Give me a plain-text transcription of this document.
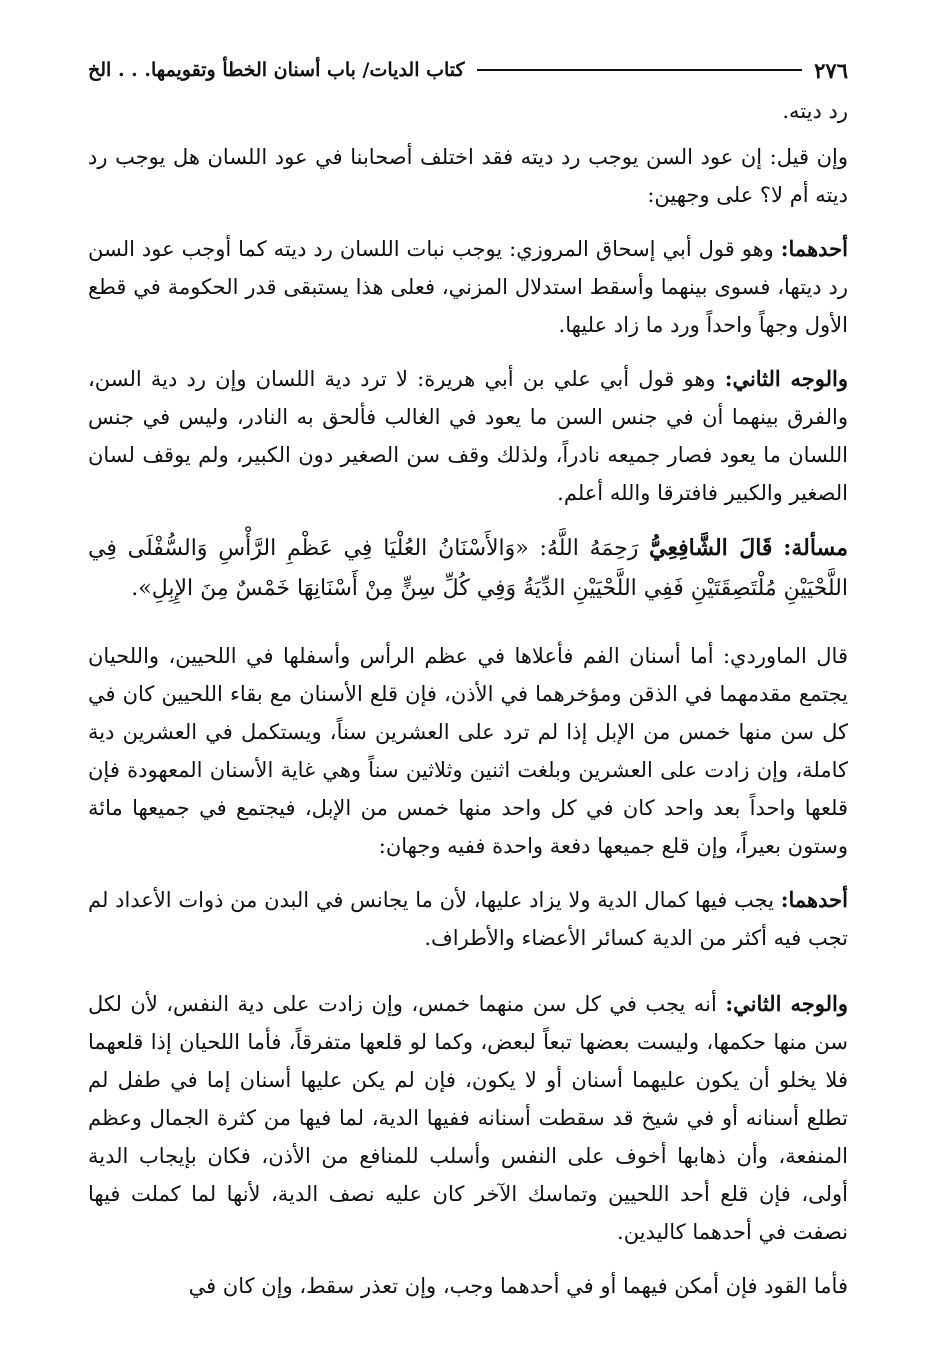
٢٧٦
كتاب الديات/ باب أسنان الخطأ وتقويمها. . . الخ

رد ديته.

وإن قيل: إن عود السن يوجب رد ديته فقد اختلف أصحابنا في عود اللسان هل يوجب رد ديته أم لا؟ على وجهين:

أحدهما: وهو قول أبي إسحاق المروزي: يوجب نبات اللسان رد ديته كما أوجب عود السن رد ديتها، فسوى بينهما وأسقط استدلال المزني، فعلى هذا يستبقى قدر الحكومة في قطع الأول وجهاً واحداً ورد ما زاد عليها.

والوجه الثاني: وهو قول أبي علي بن أبي هريرة: لا ترد دية اللسان وإن رد دية السن، والفرق بينهما أن في جنس السن ما يعود في الغالب فألحق به النادر، وليس في جنس اللسان ما يعود فصار جميعه نادراً، ولذلك وقف سن الصغير دون الكبير، ولم يوقف لسان الصغير والكبير فافترقا والله أعلم.

مسألة: قَالَ الشَّافِعِيُّ رَحِمَهُ اللَّهُ: «وَالأَسْنَانُ العُلْيَا فِي عَظْمِ الرَّأْسِ وَالسُّفْلَى فِي اللَّحْيَيْنِ مُلْتَصِقَتَيْنِ فَفِي اللَّحْيَيْنِ الدِّيَةُ وَفِي كُلِّ سِنٍّ مِنْ أَسْنَانِهَا خَمْسٌ مِنَ الإِبِلِ».

قال الماوردي: أما أسنان الفم فأعلاها في عظم الرأس وأسفلها في اللحيين، واللحيان يجتمع مقدمهما في الذقن ومؤخرهما في الأذن، فإن قلع الأسنان مع بقاء اللحيين كان في كل سن منها خمس من الإبل إذا لم ترد على العشرين سناً، ويستكمل في العشرين دية كاملة، وإن زادت على العشرين وبلغت اثنين وثلاثين سناً وهي غاية الأسنان المعهودة فإن قلعها واحداً بعد واحد كان في كل واحد منها خمس من الإبل، فيجتمع في جميعها مائة وستون بعيراً، وإن قلع جميعها دفعة واحدة ففيه وجهان:

أحدهما: يجب فيها كمال الدية ولا يزاد عليها، لأن ما يجانس في البدن من ذوات الأعداد لم تجب فيه أكثر من الدية كسائر الأعضاء والأطراف.

والوجه الثاني: أنه يجب في كل سن منهما خمس، وإن زادت على دية النفس، لأن لكل سن منها حكمها، وليست بعضها تبعاً لبعض، وكما لو قلعها متفرقاً، فأما اللحيان إذا قلعهما فلا يخلو أن يكون عليهما أسنان أو لا يكون، فإن لم يكن عليها أسنان إما في طفل لم تطلع أسنانه أو في شيخ قد سقطت أسنانه ففيها الدية، لما فيها من كثرة الجمال وعظم المنفعة، وأن ذهابها أخوف على النفس وأسلب للمنافع من الأذن، فكان بإيجاب الدية أولى، فإن قلع أحد اللحيين وتماسك الآخر كان عليه نصف الدية، لأنها لما كملت فيها نصفت في أحدهما كاليدين.

فأما القود فإن أمكن فيهما أو في أحدهما وجب، وإن تعذر سقط، وإن كان في
